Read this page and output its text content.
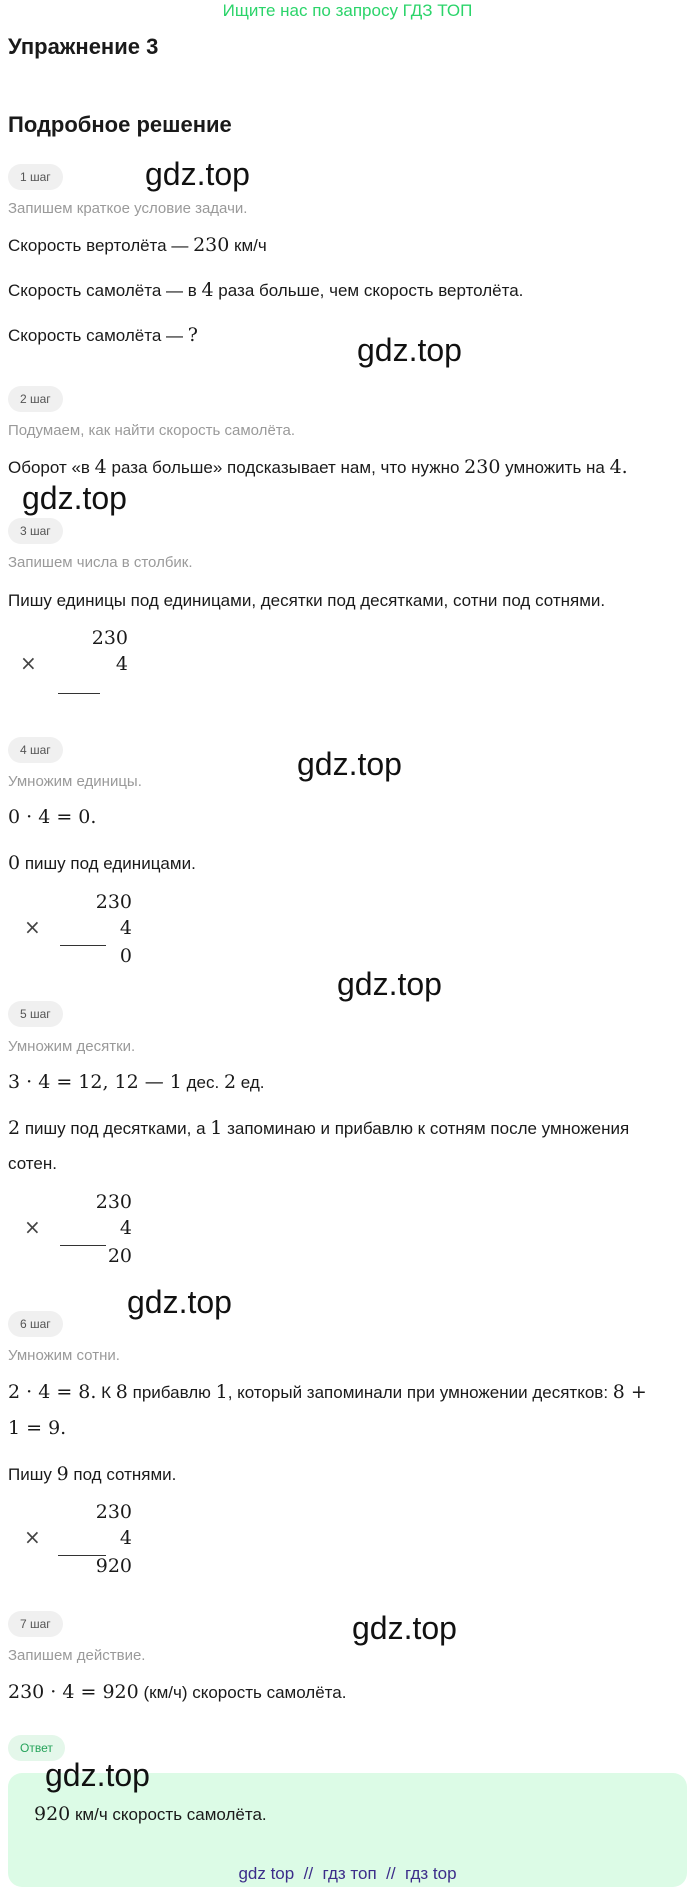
Ищите нас по запросу ГДЗ ТОП
Упражнение 3
Подробное решение
1 шаг	gdz.top
Запишем краткое условие задачи.
Скорость вертолёта — 230 км/ч
Скорость самолёта — в 4 раза больше, чем скорость вертолёта.
Скорость самолёта — ?	gdz.top
2 шаг
Подумаем, как найти скорость самолёта.
Оборот «в 4 раза больше» подсказывает нам, что нужно 230 умножить на 4.
gdz.top
3 шаг
Запишем числа в столбик.
Пишу единицы под единицами, десятки под десятками, сотни под сотнями.
×
230
4
4 шаг	gdz.top
Умножим единицы.
0 · 4 = 0.
0 пишу под единицами.
×
230
4
0
gdz.top
5 шаг
Умножим десятки.
3 · 4 = 12, 12 — 1 дес. 2 ед.
2 пишу под десятками, а 1 запоминаю и прибавлю к сотням после умножения
сотен.
×
230
4
20
gdz.top
6 шаг
Умножим сотни.
2 · 4 = 8. К 8 прибавлю 1, который запоминали при умножении десятков: 8 +
1 = 9.
Пишу 9 под сотнями.
×
230
4
920
7 шаг	gdz.top
Запишем действие.
230 · 4 = 920 (км/ч) скорость самолёта.
Ответ
gdz.top
920 км/ч скорость самолёта.
gdz top  //  гдз топ  //  гдз top
